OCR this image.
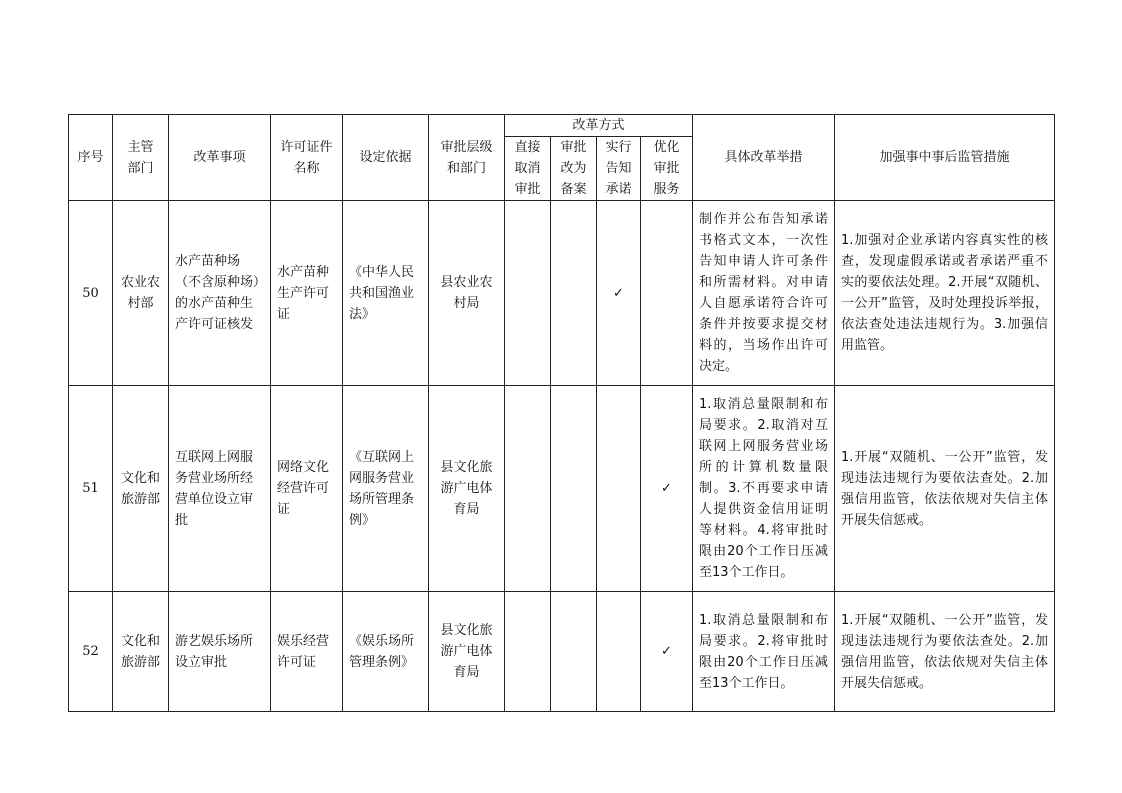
序号	主管部门	改革事项	许可证件名称	设定依据	审批层级和部门	改革方式				具体改革举措	加强事中事后监管措施
						直接取消审批	审批改为备案	实行告知承诺	优化审批服务		
50	农业农村部	水产苗种场（不含原种场）的水产苗种生产许可证核发	水产苗种生产许可证	《中华人民共和国渔业法》	县农业农村局			✓		制作并公布告知承诺书格式文本，一次性告知申请人许可条件和所需材料。对申请人自愿承诺符合许可条件并按要求提交材料的，当场作出许可决定。	1.加强对企业承诺内容真实性的核查，发现虚假承诺或者承诺严重不实的要依法处理。2.开展“双随机、一公开”监管，及时处理投诉举报，依法查处违法违规行为。3.加强信用监管。
51	文化和旅游部	互联网上网服务营业场所经营单位设立审批	网络文化经营许可证	《互联网上网服务营业场所管理条例》	县文化旅游广电体育局				✓	1.取消总量限制和布局要求。2.取消对互联网上网服务营业场所的计算机数量限制。3.不再要求申请人提供资金信用证明等材料。4.将审批时限由20个工作日压减至13个工作日。	1.开展“双随机、一公开”监管，发现违法违规行为要依法查处。2.加强信用监管，依法依规对失信主体开展失信惩戒。
52	文化和旅游部	游艺娱乐场所设立审批	娱乐经营许可证	《娱乐场所管理条例》	县文化旅游广电体育局				✓	1.取消总量限制和布局要求。2.将审批时限由20个工作日压减至13个工作日。	1.开展“双随机、一公开”监管，发现违法违规行为要依法查处。2.加强信用监管，依法依规对失信主体开展失信惩戒。
